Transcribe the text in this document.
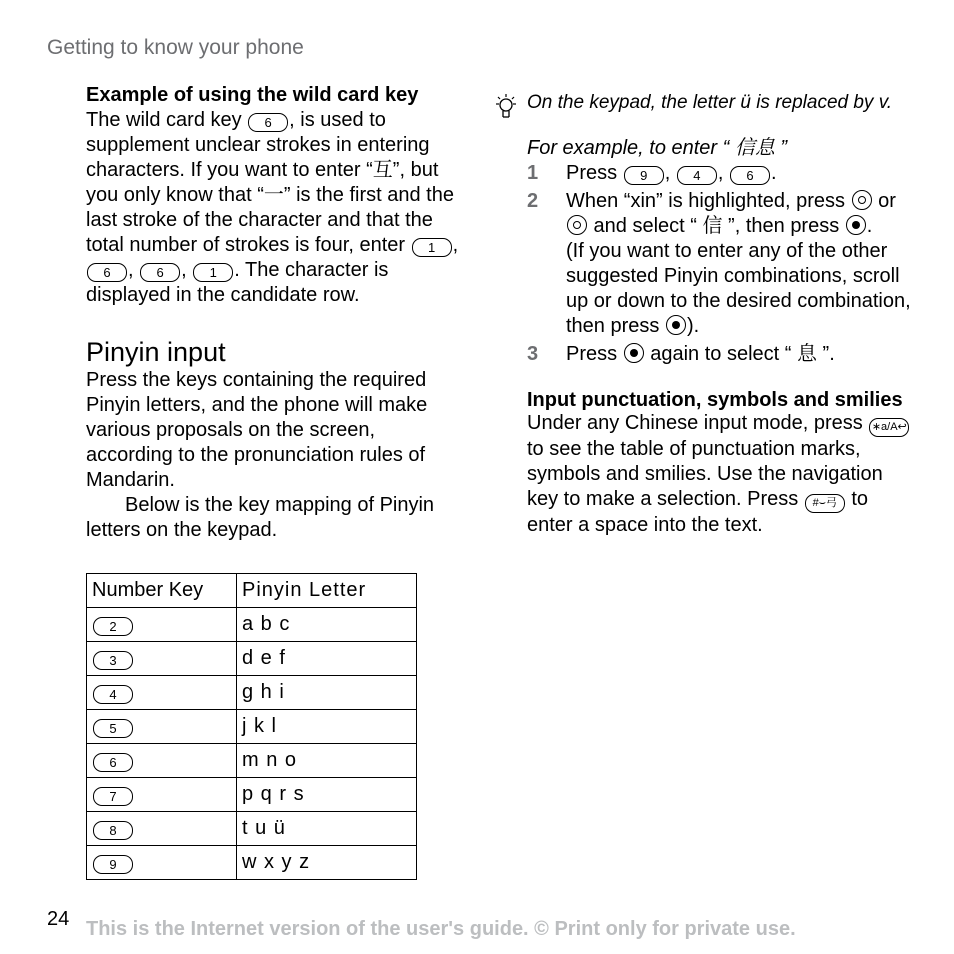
Getting to know your phone

Example of using the wild card key

The wild card key 6 , is used to supplement unclear strokes in entering characters. If you want to enter “互”, but you only know that “一” is the first and the last stroke of the character and that the total number of strokes is four, enter 1 , 6 , 6 , 1 . The character is displayed in the candidate row.

Pinyin input

Press the keys containing the required Pinyin letters, and the phone will make various proposals on the screen, according to the pronunciation rules of Mandarin.

Below is the key mapping of Pinyin letters on the keypad.

Number Key	Pinyin Letter
2	a b c
3	d e f
4	g h i
5	j k l
6	m n o
7	p q r s
8	t u ü
9	w x y z

On the keypad, the letter ü is replaced by v.

For example, to enter “ 信息 ”

1 Press 9 , 4 , 6 .
2 When “xin” is highlighted, press  or  and select “ 信 ”, then press .
(If you want to enter any of the other suggested Pinyin combinations, scroll up or down to the desired combination, then press ).
3 Press  again to select “ 息 ”.

Input punctuation, symbols and smilies

Under any Chinese input mode, press ∗a/A↩ to see the table of punctuation marks, symbols and smilies. Use the navigation key to make a selection. Press #⌣弓 to enter a space into the text.

24 This is the Internet version of the user's guide. © Print only for private use.
